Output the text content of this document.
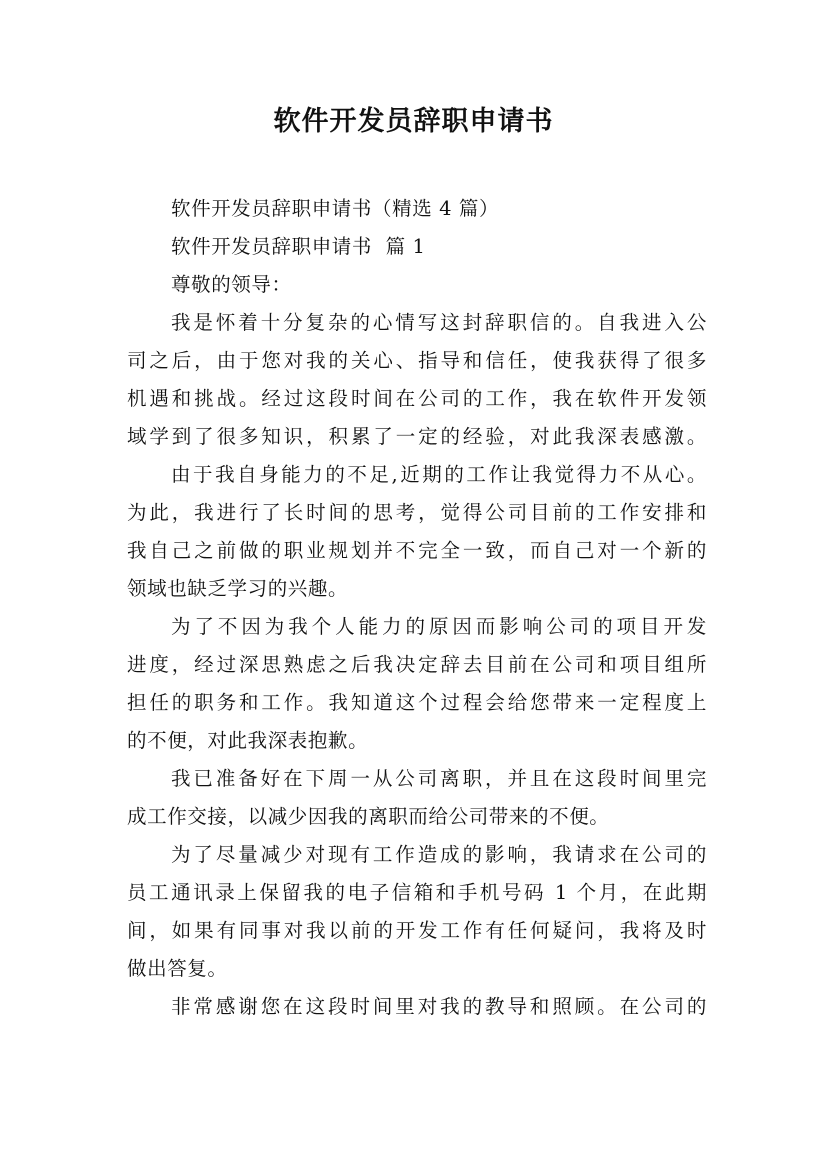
软件开发员辞职申请书

软件开发员辞职申请书（精选 4 篇）

软件开发员辞职申请书  篇 1

尊敬的领导：

我是怀着十分复杂的心情写这封辞职信的。自我进入公

司之后，由于您对我的关心、指导和信任，使我获得了很多

机遇和挑战。经过这段时间在公司的工作，我在软件开发领

域学到了很多知识，积累了一定的经验，对此我深表感激。

由于我自身能力的不足,近期的工作让我觉得力不从心。

为此，我进行了长时间的思考，觉得公司目前的工作安排和

我自己之前做的职业规划并不完全一致，而自己对一个新的

领域也缺乏学习的兴趣。

为了不因为我个人能力的原因而影响公司的项目开发

进度，经过深思熟虑之后我决定辞去目前在公司和项目组所

担任的职务和工作。我知道这个过程会给您带来一定程度上

的不便，对此我深表抱歉。

我已准备好在下周一从公司离职，并且在这段时间里完

成工作交接，以减少因我的离职而给公司带来的不便。

为了尽量减少对现有工作造成的影响，我请求在公司的

员工通讯录上保留我的电子信箱和手机号码 1 个月，在此期

间，如果有同事对我以前的开发工作有任何疑问，我将及时

做出答复。

非常感谢您在这段时间里对我的教导和照顾。在公司的
